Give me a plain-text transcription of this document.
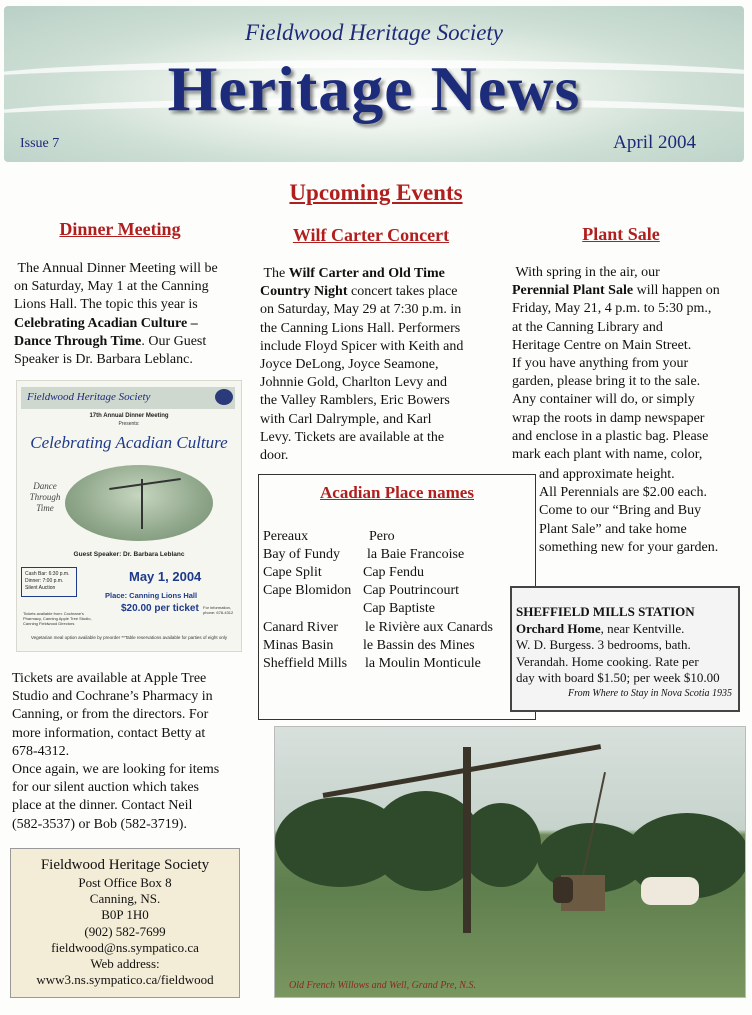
Fieldwood Heritage Society
Heritage News
Issue 7	April 2004
Upcoming Events
Dinner Meeting
The Annual Dinner Meeting will be
on Saturday, May 1 at the Canning
Lions Hall. The topic this year is
Celebrating Acadian Culture –
Dance Through Time. Our Guest
Speaker is Dr. Barbara Leblanc.
Fieldwood Heritage Society
17th Annual Dinner Meeting
Presents:
Celebrating Acadian Culture
Dance Through Time
Guest Speaker: Dr. Barbara Leblanc
Cash Bar: 6:30 p.m. Dinner: 7:00 p.m. Silent Auction
May 1, 2004
Place: Canning Lions Hall
$20.00 per ticket For information, phone: 678-4312
Tickets available from: Cochrane's Pharmacy, Canning Apple Tree Studio, Canning Fieldwood Directors
Vegetarian meal option available by preorder **Table reservations available for parties of eight only
Tickets are available at Apple Tree
Studio and Cochrane’s Pharmacy in
Canning, or from the directors. For
more information, contact Betty at
678-4312.
Once again, we are looking for items
for our silent auction which takes
place at the dinner. Contact Neil
(582-3537) or Bob (582-3719).
Fieldwood Heritage Society
Post Office Box 8
Canning, NS.
B0P 1H0
(902) 582-7699
fieldwood@ns.sympatico.ca
Web address:
www3.ns.sympatico.ca/fieldwood
Wilf Carter Concert
The Wilf Carter and Old Time
Country Night concert takes place
on Saturday, May 29 at 7:30 p.m. in
the Canning Lions Hall. Performers
include Floyd Spicer with Keith and
Joyce DeLong, Joyce Seamone,
Johnnie Gold, Charlton Levy and
the Valley Ramblers, Eric Bowers
with Carl Dalrymple, and Karl
Levy. Tickets are available at the
door.
Acadian Place names
Pereaux	Pero
Bay of Fundy la Baie Francoise
Cape Split	Cap Fendu
Cape Blomidon Cap Poutrincourt
Cap Baptiste
Canard River le Rivière aux Canards
Minas Basin le Bassin des Mines
Sheffield Mills la Moulin Monticule
Plant Sale
With spring in the air, our
Perennial Plant Sale will happen on
Friday, May 21, 4 p.m. to 5:30 pm.,
at the Canning Library and
Heritage Centre on Main Street.
If you have anything from your
garden, please bring it to the sale.
Any container will do, or simply
wrap the roots in damp newspaper
and enclose in a plastic bag. Please
mark each plant with name, color,
and approximate height.
All Perennials are $2.00 each.
Come to our “Bring and Buy
Plant Sale” and take home
something new for your garden.
SHEFFIELD MILLS STATION
Orchard Home, near Kentville.
W. D. Burgess. 3 bedrooms, bath.
Verandah. Home cooking. Rate per
day with board $1.50; per week $10.00
From Where to Stay in Nova Scotia 1935
Old French Willows and Well, Grand Pre, N.S.
